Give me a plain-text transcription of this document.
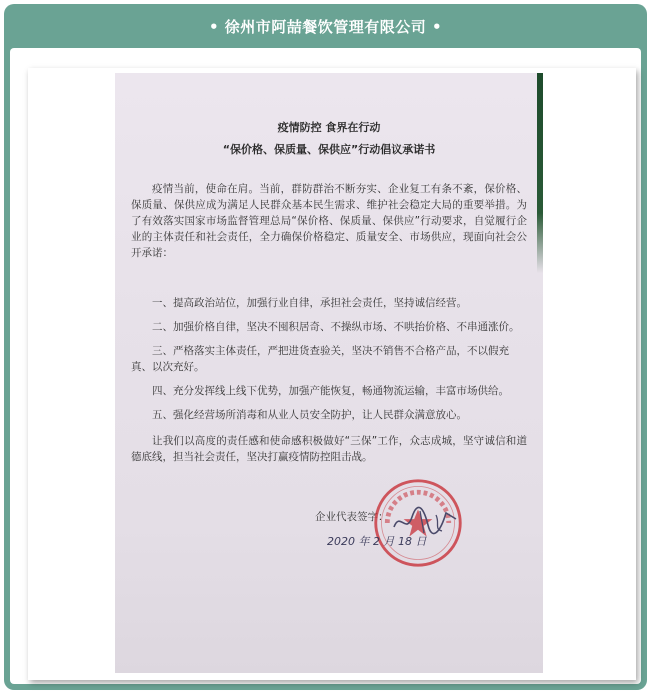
• 徐州市阿喆餐饮管理有限公司 •
疫情防控 食界在行动
“保价格、保质量、保供应”行动倡议承诺书
疫情当前，使命在肩。当前，群防群治不断夯实、企业复工有条不紊，保价格、保质量、保供应成为满足人民群众基本民生需求、维护社会稳定大局的重要举措。为了有效落实国家市场监督管理总局“保价格、保质量、保供应”行动要求，自觉履行企业的主体责任和社会责任，全力确保价格稳定、质量安全、市场供应，现面向社会公开承诺：
一、提高政治站位，加强行业自律，承担社会责任，坚持诚信经营。
二、加强价格自律，坚决不囤积居奇、不操纵市场、不哄抬价格、不串通涨价。
三、严格落实主体责任，严把进货查验关，坚决不销售不合格产品，不以假充真、以次充好。
四、充分发挥线上线下优势，加强产能恢复，畅通物流运输，丰富市场供给。
五、强化经营场所消毒和从业人员安全防护，让人民群众满意放心。
让我们以高度的责任感和使命感积极做好“三保”工作，众志成城，坚守诚信和道德底线，担当社会责任，坚决打赢疫情防控阻击战。
企业代表签字：
2020 年 2 月 18 日
